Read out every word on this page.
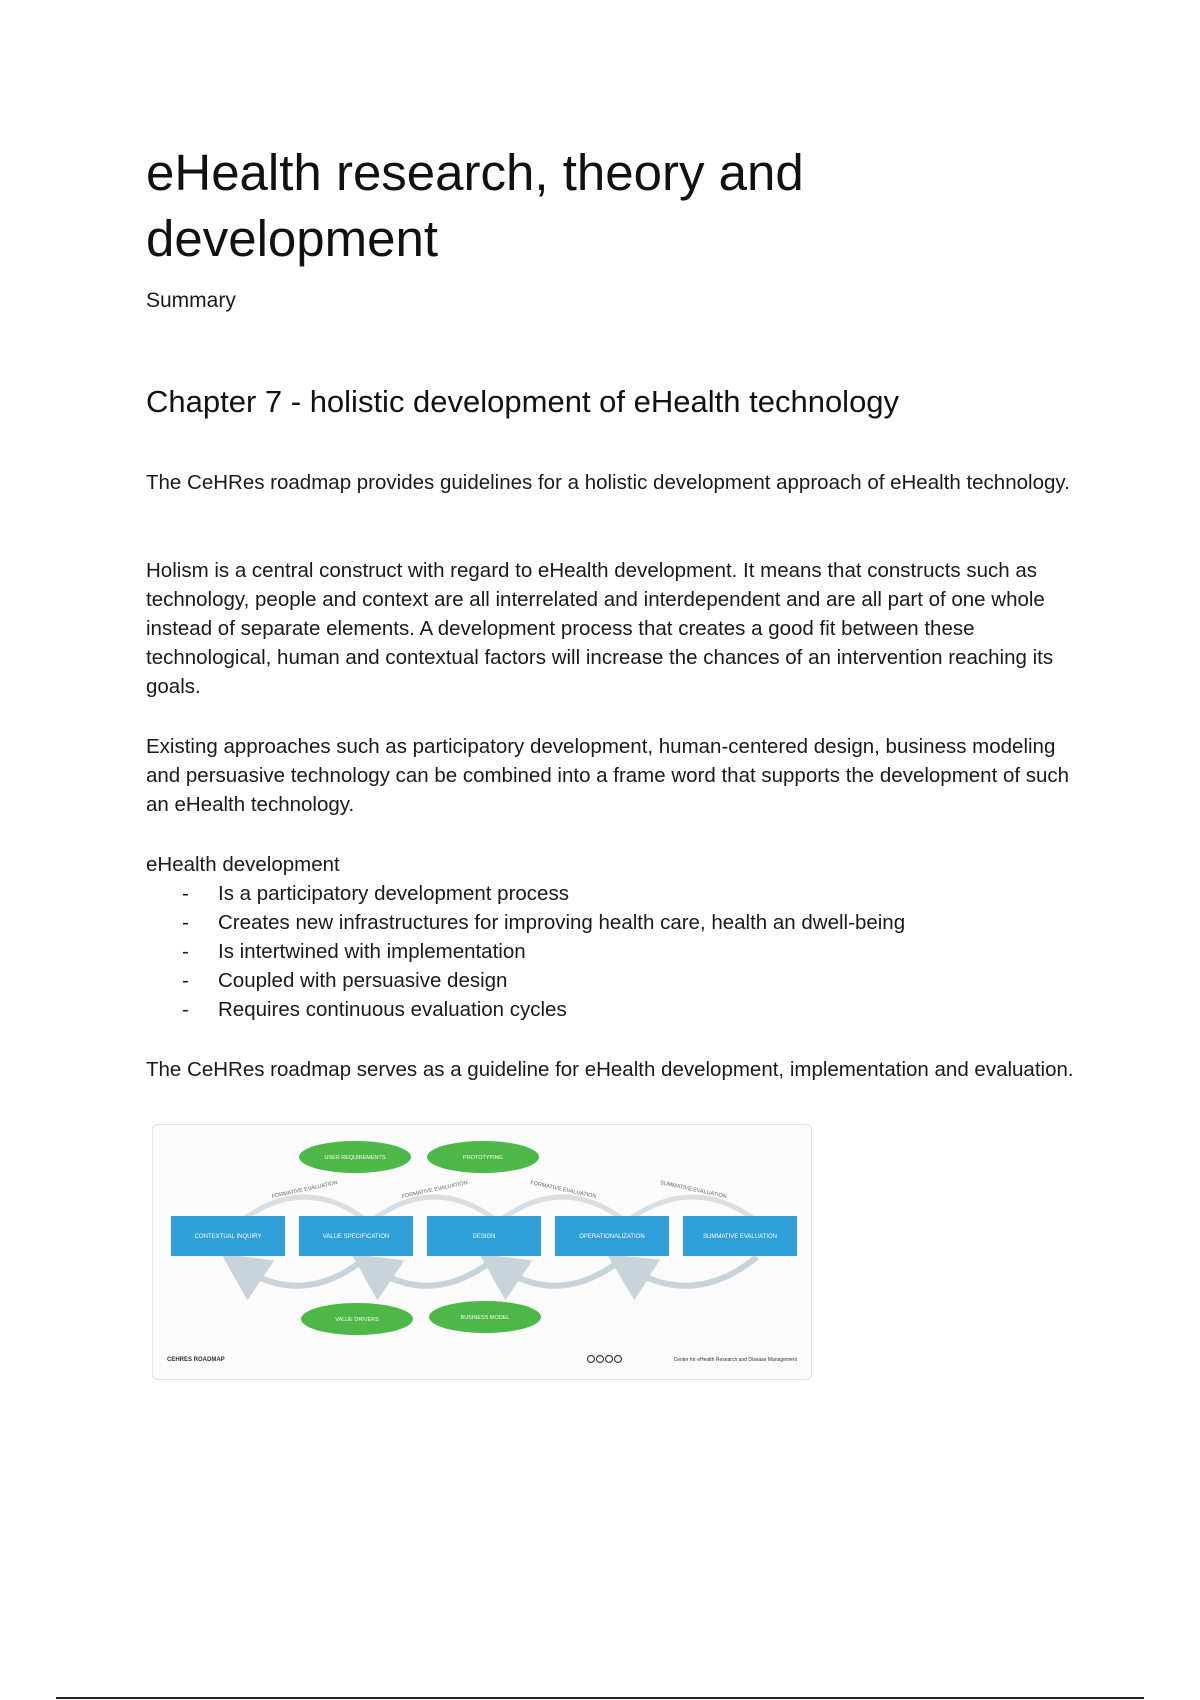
eHealth research, theory and development

Summary

Chapter 7 - holistic development of eHealth technology

The CeHRes roadmap provides guidelines for a holistic development approach of eHealth technology.

Holism is a central construct with regard to eHealth development. It means that constructs such as technology, people and context are all interrelated and interdependent and are all part of one whole instead of separate elements. A development process that creates a good fit between these technological, human and contextual factors will increase the chances of an intervention reaching its goals.

Existing approaches such as participatory development, human-centered design, business modeling and persuasive technology can be combined into a frame word that supports the development of such an eHealth technology.

eHealth development

- Is a participatory development process
- Creates new infrastructures for improving health care, health an dwell-being
- Is intertwined with implementation
- Coupled with persuasive design
- Requires continuous evaluation cycles

The CeHRes roadmap serves as a guideline for eHealth development, implementation and evaluation.

FORMATIVE EVALUATION	FORMATIVE EVALUATION	FORMATIVE EVALUATION	SUMMATIVE EVALUATION
USER REQUIREMENTS	PROTOTYPING
CONTEXTUAL INQUIRY	VALUE SPECIFICATION	DESIGN	OPERATIONALIZATION	SUMMATIVE EVALUATION
VALUE DRIVERS	BUSINESS MODEL
CEHRES ROADMAP	Center for eHealth Research and Disease Management
